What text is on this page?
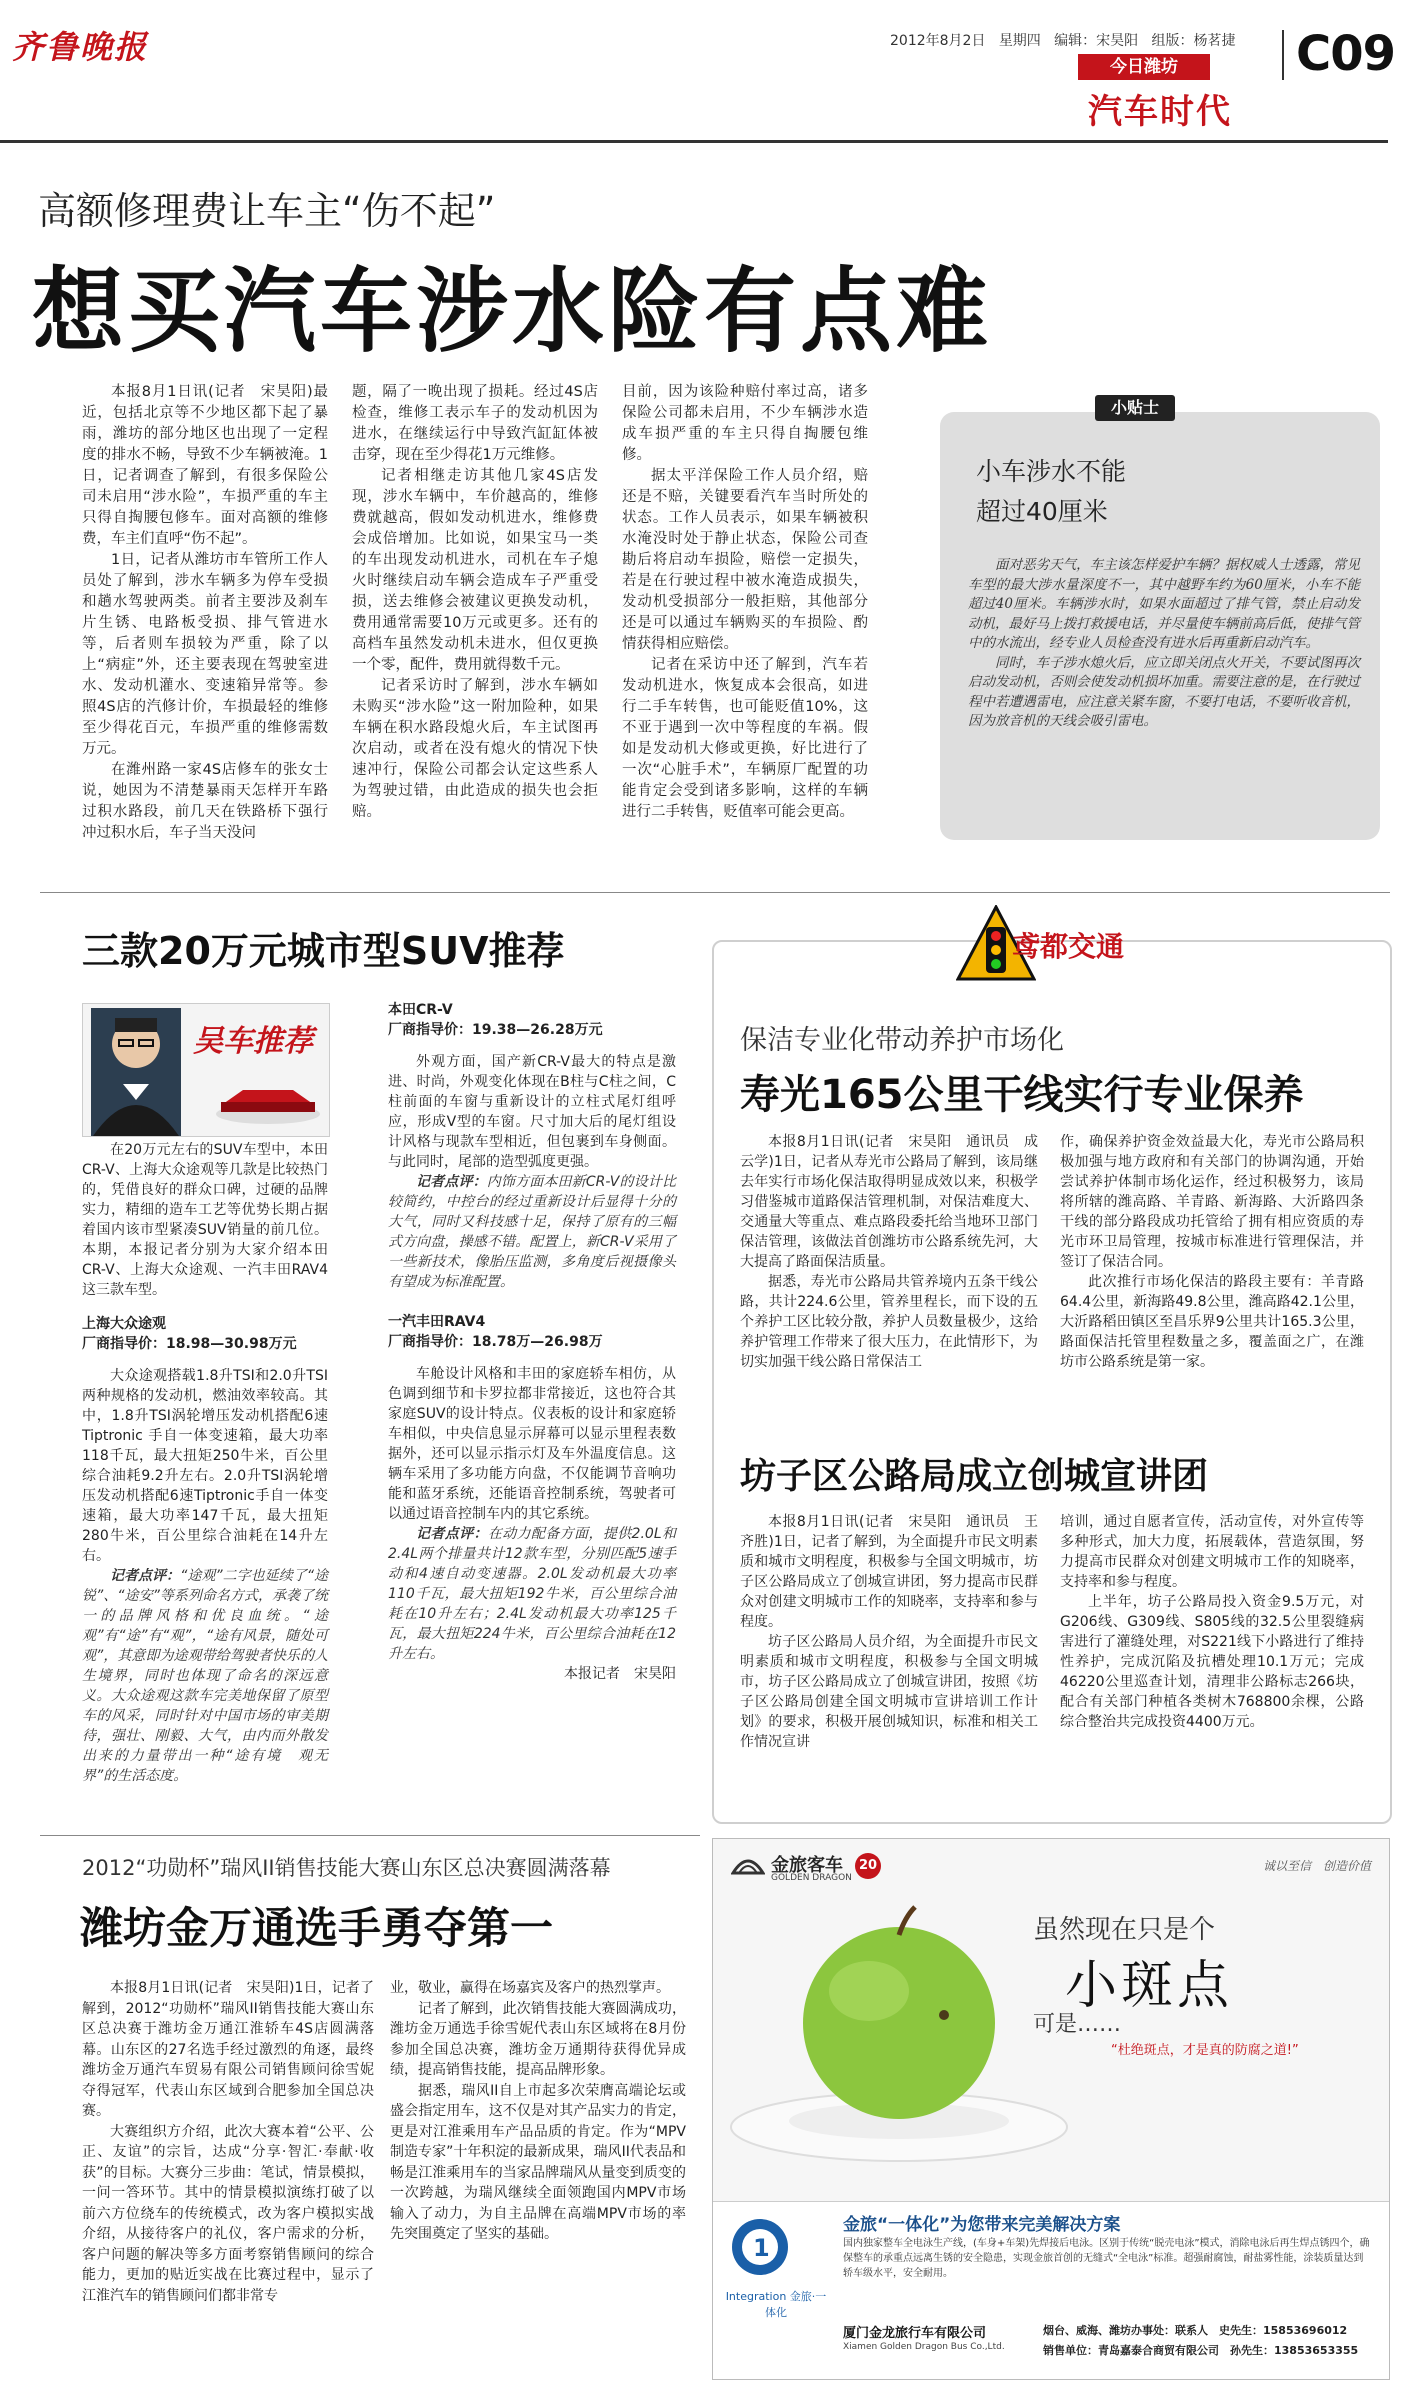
齐鲁晚报	2012年8月2日 星期四 编辑：宋昊阳 组版：杨茗捷
今日潍坊
汽车时代
C09
高额修理费让车主“伤不起”
想买汽车涉水险有点难

本报8月1日讯(记者　宋昊阳)最近，包括北京等不少地区都下起了暴雨，潍坊的部分地区也出现了一定程度的排水不畅，导致不少车辆被淹。1日，记者调查了解到，有很多保险公司未启用“涉水险”，车损严重的车主只得自掏腰包修车。面对高额的维修费，车主们直呼“伤不起”。

1日，记者从潍坊市车管所工作人员处了解到，涉水车辆多为停车受损和趟水驾驶两类。前者主要涉及刹车片生锈、电路板受损、排气管进水等，后者则车损较为严重，除了以上“病症”外，还主要表现在驾驶室进水、发动机灌水、变速箱异常等。参照4S店的汽修计价，车损最轻的维修至少得花百元，车损严重的维修需数万元。

在潍州路一家4S店修车的张女士说，她因为不清楚暴雨天怎样开车路过积水路段，前几天在铁路桥下强行冲过积水后，车子当天没问

题，隔了一晚出现了损耗。经过4S店检查，维修工表示车子的发动机因为进水，在继续运行中导致汽缸缸体被击穿，现在至少得花1万元维修。

记者相继走访其他几家4S店发现，涉水车辆中，车价越高的，维修费就越高，假如发动机进水，维修费会成倍增加。比如说，如果宝马一类的车出现发动机进水，司机在车子熄火时继续启动车辆会造成车子严重受损，送去维修会被建议更换发动机，费用通常需要10万元或更多。还有的高档车虽然发动机未进水，但仅更换一个零，配件，费用就得数千元。

记者采访时了解到，涉水车辆如未购买“涉水险”这一附加险种，如果车辆在积水路段熄火后，车主试图再次启动，或者在没有熄火的情况下快速冲行，保险公司都会认定这些系人为驾驶过错，由此造成的损失也会拒赔。

目前，因为该险种赔付率过高，诸多保险公司都未启用，不少车辆涉水造成车损严重的车主只得自掏腰包维修。

据太平洋保险工作人员介绍，赔还是不赔，关键要看汽车当时所处的状态。工作人员表示，如果车辆被积水淹没时处于静止状态，保险公司查勘后将启动车损险，赔偿一定损失，若是在行驶过程中被水淹造成损失，发动机受损部分一般拒赔，其他部分还是可以通过车辆购买的车损险、酌情获得相应赔偿。

记者在采访中还了解到，汽车若发动机进水，恢复成本会很高，如进行二手车转售，也可能贬值10%，这不亚于遇到一次中等程度的车祸。假如是发动机大修或更换，好比进行了一次“心脏手术”，车辆原厂配置的功能肯定会受到诸多影响，这样的车辆进行二手转售，贬值率可能会更高。

小贴士
小车涉水不能
超过40厘米

面对恶劣天气，车主该怎样爱护车辆？据权威人士透露，常见车型的最大涉水量深度不一，其中越野车约为60厘米，小车不能超过40厘米。车辆涉水时，如果水面超过了排气管，禁止启动发动机，最好马上拨打救援电话，并尽量使车辆前高后低，使排气管中的水流出，经专业人员检查没有进水后再重新启动汽车。

同时，车子涉水熄火后，应立即关闭点火开关，不要试图再次启动发动机，否则会使发动机损坏加重。需要注意的是，在行驶过程中若遭遇雷电，应注意关紧车窗，不要打电话，不要听收音机，因为放音机的天线会吸引雷电。

三款20万元城市型SUV推荐
吴车推荐

在20万元左右的SUV车型中，本田CR-V、上海大众途观等几款是比较热门的，凭借良好的群众口碑，过硬的品牌实力，精细的造车工艺等优势长期占据着国内该市型紧凑SUV销量的前几位。本期，本报记者分别为大家介绍本田CR-V、上海大众途观、一汽丰田RAV4这三款车型。

上海大众途观

厂商指导价：18.98—30.98万元

大众途观搭载1.8升TSI和2.0升TSI两种规格的发动机，燃油效率较高。其中，1.8升TSI涡轮增压发动机搭配6速Tiptronic 手自一体变速箱，最大功率118千瓦，最大扭矩250牛米，百公里综合油耗9.2升左右。2.0升TSI涡轮增压发动机搭配6速Tiptronic手自一体变速箱，最大功率147千瓦，最大扭矩280牛米，百公里综合油耗在14升左右。

记者点评：“途观”二字也延续了“途锐”、“途安”等系列命名方式，承袭了统一的品牌风格和优良血统。“途观”有“途”有“观”，“途有风景，随处可观”，其意即为途观带给驾驶者快乐的人生境界，同时也体现了命名的深远意义。大众途观这款车完美地保留了原型车的风采，同时针对中国市场的审美期待，强壮、刚毅、大气，由内而外散发出来的力量带出一种“途有境　观无界”的生活态度。

本田CR-V

厂商指导价：19.38—26.28万元

外观方面，国产新CR-V最大的特点是激进、时尚，外观变化体现在B柱与C柱之间，C柱前面的车窗与重新设计的立柱式尾灯组呼应，形成V型的车窗。尺寸加大后的尾灯组设计风格与现款车型相近，但包裹到车身侧面。与此同时，尾部的造型弧度更强。

记者点评：内饰方面本田新CR-V的设计比较简约，中控台的经过重新设计后显得十分的大气，同时又科技感十足，保持了原有的三幅式方向盘，操感不错。配置上，新CR-V采用了一些新技术，像胎压监测，多角度后视摄像头有望成为标准配置。

一汽丰田RAV4

厂商指导价：18.78万—26.98万

车舱设计风格和丰田的家庭轿车相仿，从色调到细节和卡罗拉都非常接近，这也符合其家庭SUV的设计特点。仪表板的设计和家庭轿车相似，中央信息显示屏幕可以显示里程表数据外，还可以显示指示灯及车外温度信息。这辆车采用了多功能方向盘，不仅能调节音响功能和蓝牙系统，还能语音控制系统，驾驶者可以通过语音控制车内的其它系统。

记者点评：在动力配备方面，提供2.0L和2.4L两个排量共计12款车型，分别匹配5速手动和4速自动变速器。2.0L发动机最大功率110千瓦，最大扭矩192牛米，百公里综合油耗在10升左右；2.4L发动机最大功率125千瓦，最大扭矩224牛米，百公里综合油耗在12升左右。

本报记者　宋昊阳

鸢都交通
保洁专业化带动养护市场化
寿光165公里干线实行专业保养

本报8月1日讯(记者　宋昊阳　通讯员　成云学)1日，记者从寿光市公路局了解到，该局继去年实行市场化保洁取得明显成效以来，积极学习借鉴城市道路保洁管理机制，对保洁难度大、交通量大等重点、难点路段委托给当地环卫部门保洁管理，该做法首创潍坊市公路系统先河，大大提高了路面保洁质量。

据悉，寿光市公路局共管养境内五条干线公路，共计224.6公里，管养里程长，而下设的五个养护工区比较分散，养护人员数量极少，这给养护管理工作带来了很大压力，在此情形下，为切实加强干线公路日常保洁工

作，确保养护资金效益最大化，寿光市公路局积极加强与地方政府和有关部门的协调沟通，开始尝试养护体制市场化运作，经过积极努力，该局将所辖的潍高路、羊青路、新海路、大沂路四条干线的部分路段成功托管给了拥有相应资质的寿光市环卫局管理，按城市标准进行管理保洁，并签订了保洁合同。

此次推行市场化保洁的路段主要有：羊青路64.4公里，新海路49.8公里，潍高路42.1公里，大沂路稻田镇区至昌乐界9公里共计165.3公里，路面保洁托管里程数量之多，覆盖面之广，在潍坊市公路系统是第一家。

坊子区公路局成立创城宣讲团

本报8月1日讯(记者　宋昊阳　通讯员　王齐胜)1日，记者了解到，为全面提升市民文明素质和城市文明程度，积极参与全国文明城市，坊子区公路局成立了创城宣讲团，努力提高市民群众对创建文明城市工作的知晓率，支持率和参与程度。

坊子区公路局人员介绍，为全面提升市民文明素质和城市文明程度，积极参与全国文明城市，坊子区公路局成立了创城宣讲团，按照《坊子区公路局创建全国文明城市宣讲培训工作计划》的要求，积极开展创城知识，标准和相关工作情况宣讲

培训，通过自愿者宣传，活动宣传，对外宣传等多种形式，加大力度，拓展载体，营造氛围，努力提高市民群众对创建文明城市工作的知晓率，支持率和参与程度。

上半年，坊子公路局投入资金9.5万元，对G206线、G309线、S805线的32.5公里裂缝病害进行了灌缝处理，对S221线下小路进行了维持性养护，完成沉陷及抗槽处理10.1万元；完成46220公里巡查计划，清理非公路标志266块，配合有关部门种植各类树木768800余棵，公路综合整治共完成投资4400万元。

2012“功勋杯”瑞风II销售技能大赛山东区总决赛圆满落幕
潍坊金万通选手勇夺第一

本报8月1日讯(记者　宋昊阳)1日，记者了解到，2012“功勋杯”瑞风II销售技能大赛山东区总决赛于潍坊金万通江淮轿车4S店圆满落幕。山东区的27名选手经过激烈的角逐，最终潍坊金万通汽车贸易有限公司销售顾问徐雪妮夺得冠军，代表山东区域到合肥参加全国总决赛。

大赛组织方介绍，此次大赛本着“公平、公正、友谊”的宗旨，达成“分享·智汇·奉献·收获”的目标。大赛分三步曲：笔试，情景模拟，一问一答环节。其中的情景模拟演练打破了以前六方位绕车的传统模式，改为客户模拟实战介绍，从接待客户的礼仪，客户需求的分析，客户问题的解决等多方面考察销售顾问的综合能力，更加的贴近实战在比赛过程中，显示了江淮汽车的销售顾问们都非常专

业，敬业，赢得在场嘉宾及客户的热烈掌声。

记者了解到，此次销售技能大赛圆满成功，潍坊金万通选手徐雪妮代表山东区域将在8月份参加全国总决赛，潍坊金万通期待获得优异成绩，提高销售技能，提高品牌形象。

据悉，瑞风II自上市起多次荣膺高端论坛或盛会指定用车，这不仅是对其产品实力的肯定，更是对江淮乘用车产品品质的肯定。作为“MPV制造专家”十年积淀的最新成果，瑞风II代表品和畅是江淮乘用车的当家品牌瑞风从量变到质变的一次跨越，为瑞风继续全面领跑国内MPV市场输入了动力，为自主品牌在高端MPV市场的率先突围奠定了坚实的基础。

金旅客车
GOLDEN DRAGON
20	诚以至信　创造价值
虽然现在只是个
小斑点
可是……
“杜绝斑点，才是真的防腐之道!”
1
Integration 金旅·一体化
金旅“一体化”为您带来完美解决方案
国内独家整车全电泳生产线，(车身+车架)先焊接后电泳。区别于传统“脱壳电泳”模式，消除电泳后再生焊点锈四个，确保整车的承重点远离生锈的安全隐患，实现金旅首创的无缝式“全电泳”标准。超强耐腐蚀，耐盐雾性能，涂装质量达到轿车级水平，安全耐用。
厦门金龙旅行车有限公司
Xiamen Golden Dragon Bus Co.,Ltd.
烟台、威海、潍坊办事处：联系人　史先生：15853696012
销售单位：青岛嘉泰合商贸有限公司　孙先生：13853653355
